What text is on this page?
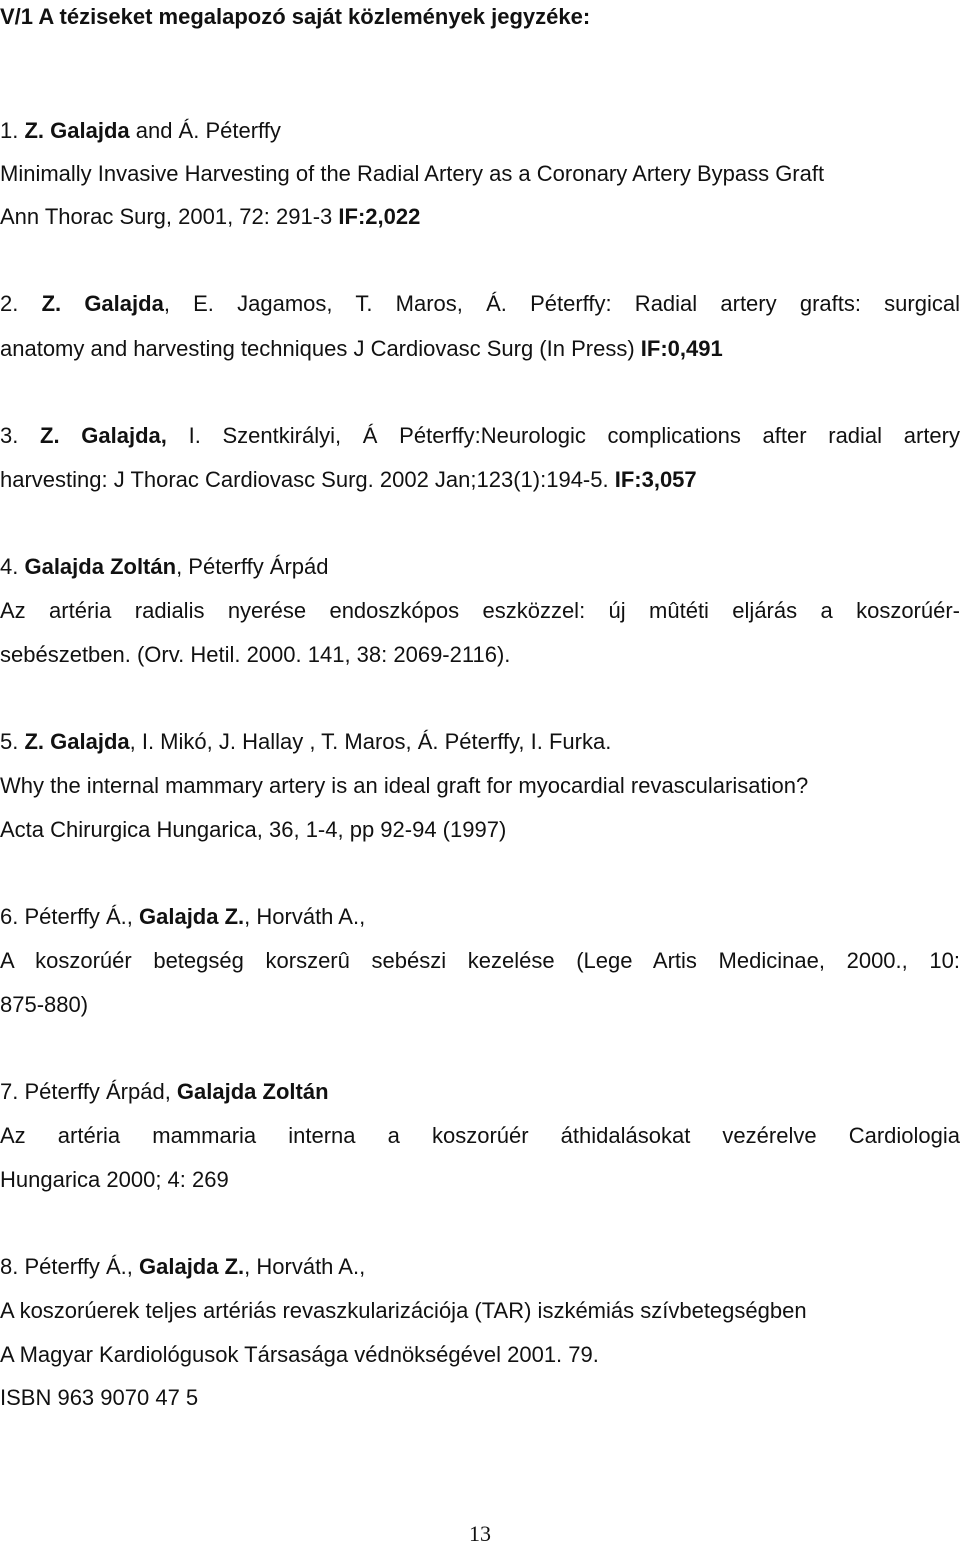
V/1 A téziseket megalapozó saját közlemények jegyzéke:
1. Z. Galajda and Á. Péterffy
Minimally Invasive Harvesting of the Radial Artery as a Coronary Artery Bypass Graft
Ann Thorac Surg, 2001, 72: 291-3 IF:2,022
2. Z. Galajda, E. Jagamos, T. Maros, Á. Péterffy: Radial artery grafts: surgical
anatomy and harvesting techniques J Cardiovasc Surg (In Press) IF:0,491
3. Z. Galajda, I. Szentkirályi, Á Péterffy:Neurologic complications after radial artery
harvesting: J Thorac Cardiovasc Surg. 2002 Jan;123(1):194-5. IF:3,057
4. Galajda Zoltán, Péterffy Árpád
Az artéria radialis nyerése endoszkópos eszközzel: új mûtéti eljárás a koszorúér-
sebészetben. (Orv. Hetil. 2000. 141, 38: 2069-2116).
5. Z. Galajda, I. Mikó, J. Hallay , T. Maros, Á. Péterffy, I. Furka.
Why the internal mammary artery is an ideal graft for myocardial revascularisation?
Acta Chirurgica Hungarica, 36, 1-4, pp 92-94 (1997)
6. Péterffy Á., Galajda Z., Horváth A.,
A koszorúér betegség korszerû sebészi kezelése (Lege Artis Medicinae, 2000., 10:
875-880)
7. Péterffy Árpád, Galajda Zoltán
Az artéria mammaria interna a koszorúér áthidalásokat vezérelve Cardiologia
Hungarica 2000; 4: 269
8. Péterffy Á., Galajda Z., Horváth A.,
A koszorúerek teljes artériás revaszkularizációja (TAR) iszkémiás szívbetegségben
A Magyar Kardiológusok Társasága védnökségével 2001. 79.
ISBN 963 9070 47 5
13
